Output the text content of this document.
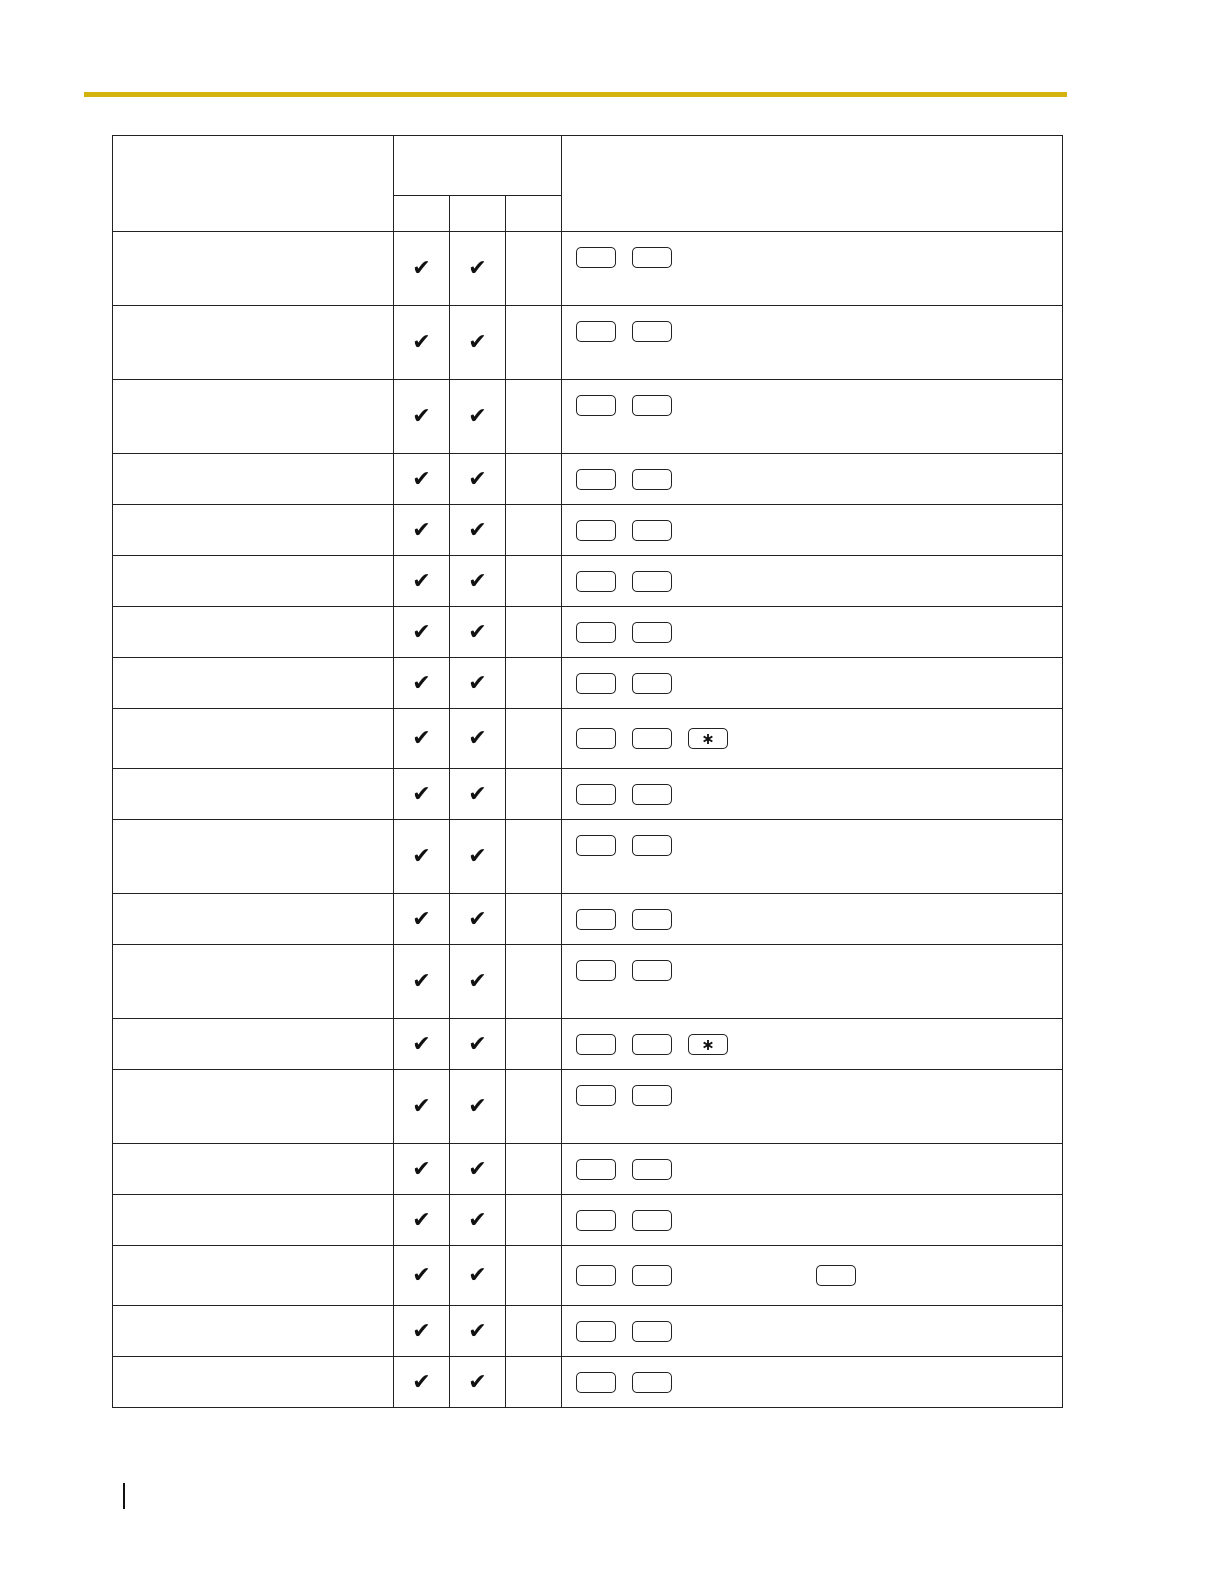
	✔	✔		

	✔	✔		

	✔	✔		

	✔	✔		

	✔	✔		

	✔	✔		

	✔	✔		

	✔	✔		

	✔	✔		∗

	✔	✔		

	✔	✔		

	✔	✔		

	✔	✔		

	✔	✔		∗

	✔	✔		

	✔	✔		

	✔	✔		

	✔	✔		

	✔	✔		

	✔	✔		
